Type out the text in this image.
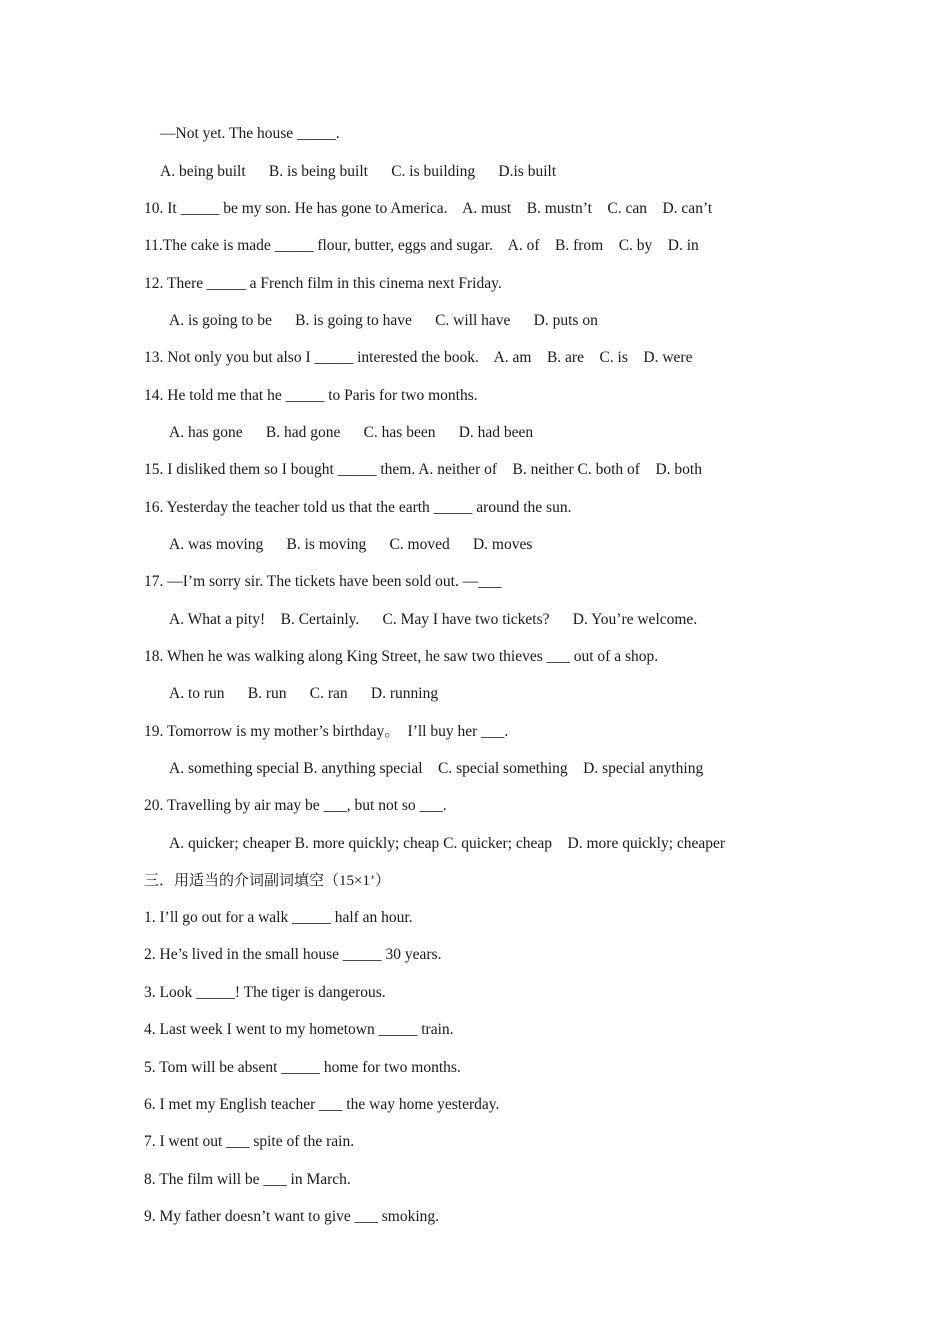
—Not yet. The house _____.
A. being built      B. is being built      C. is building      D.is built
10. It _____ be my son. He has gone to America.    A. must    B. mustn’t    C. can    D. can’t
11.The cake is made _____ flour, butter, eggs and sugar.    A. of    B. from    C. by    D. in
12. There _____ a French film in this cinema next Friday.
A. is going to be      B. is going to have      C. will have      D. puts on
13. Not only you but also I _____ interested the book.    A. am    B. are    C. is    D. were
14. He told me that he _____ to Paris for two months.
A. has gone      B. had gone      C. has been      D. had been
15. I disliked them so I bought _____ them. A. neither of    B. neither C. both of    D. both
16. Yesterday the teacher told us that the earth _____ around the sun.
A. was moving      B. is moving      C. moved      D. moves
17. —I’m sorry sir. The tickets have been sold out. —___
A. What a pity!    B. Certainly.      C. May I have two tickets?      D. You’re welcome.
18. When he was walking along King Street, he saw two thieves ___ out of a shop.
A. to run      B. run      C. ran      D. running
19. Tomorrow is my mother’s birthday。  I’ll buy her ___.
A. something special B. anything special    C. special something    D. special anything
20. Travelling by air may be ___, but not so ___.
A. quicker; cheaper B. more quickly; cheap C. quicker; cheap    D. more quickly; cheaper
三．用适当的介词副词填空（15×1’）
1. I’ll go out for a walk _____ half an hour.
2. He’s lived in the small house _____ 30 years.
3. Look _____! The tiger is dangerous.
4. Last week I went to my hometown _____ train.
5. Tom will be absent _____ home for two months.
6. I met my English teacher ___ the way home yesterday.
7. I went out ___ spite of the rain.
8. The film will be ___ in March.
9. My father doesn’t want to give ___ smoking.
